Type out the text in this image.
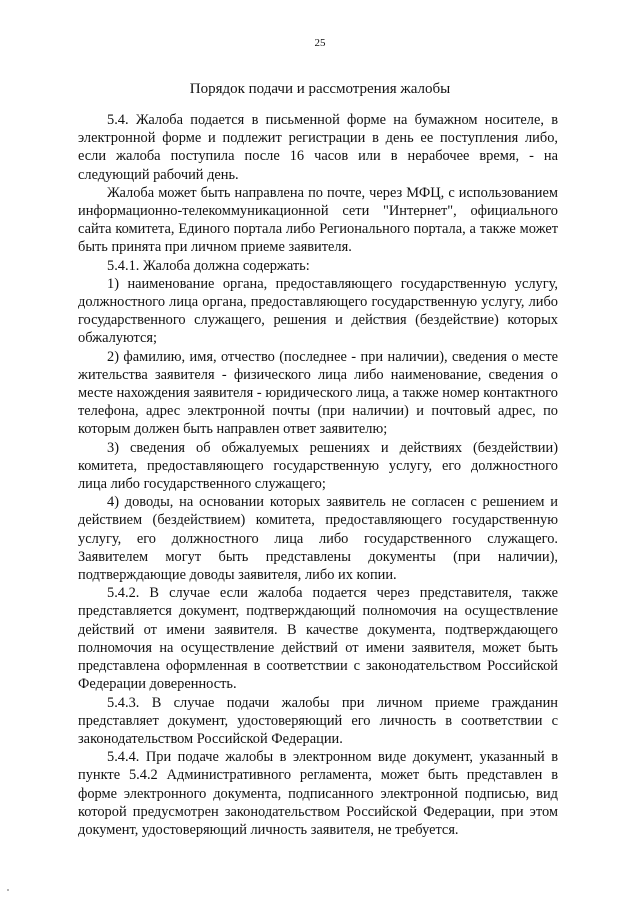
25
Порядок подачи и рассмотрения жалобы

5.4. Жалоба подается в письменной форме на бумажном носителе, в электронной форме и подлежит регистрации в день ее поступления либо, если жалоба поступила после 16 часов или в нерабочее время, - на следующий рабочий день.

Жалоба может быть направлена по почте, через МФЦ, с использованием информационно-телекоммуникационной сети "Интернет", официального сайта комитета, Единого портала либо Регионального портала, а также может быть принята при личном приеме заявителя.

5.4.1. Жалоба должна содержать:

1) наименование органа, предоставляющего государственную услугу, должностного лица органа, предоставляющего государственную услугу, либо государственного служащего, решения и действия (бездействие) которых обжалуются;

2) фамилию, имя, отчество (последнее - при наличии), сведения о месте жительства заявителя - физического лица либо наименование, сведения о месте нахождения заявителя - юридического лица, а также номер контактного телефона, адрес электронной почты (при наличии) и почтовый адрес, по которым должен быть направлен ответ заявителю;

3) сведения об обжалуемых решениях и действиях (бездействии) комитета, предоставляющего государственную услугу, его должностного лица либо государственного служащего;

4) доводы, на основании которых заявитель не согласен с решением и действием (бездействием) комитета, предоставляющего государственную услугу, его должностного лица либо государственного служащего. Заявителем могут быть представлены документы (при наличии), подтверждающие доводы заявителя, либо их копии.

5.4.2. В случае если жалоба подается через представителя, также представляется документ, подтверждающий полномочия на осуществление действий от имени заявителя. В качестве документа, подтверждающего полномочия на осуществление действий от имени заявителя, может быть представлена оформленная в соответствии с законодательством Российской Федерации доверенность.

5.4.3. В случае подачи жалобы при личном приеме гражданин представляет документ, удостоверяющий его личность в соответствии с законодательством Российской Федерации.

5.4.4. При подаче жалобы в электронном виде документ, указанный в пункте 5.4.2 Административного регламента, может быть представлен в форме электронного документа, подписанного электронной подписью, вид которой предусмотрен законодательством Российской Федерации, при этом документ, удостоверяющий личность заявителя, не требуется.
